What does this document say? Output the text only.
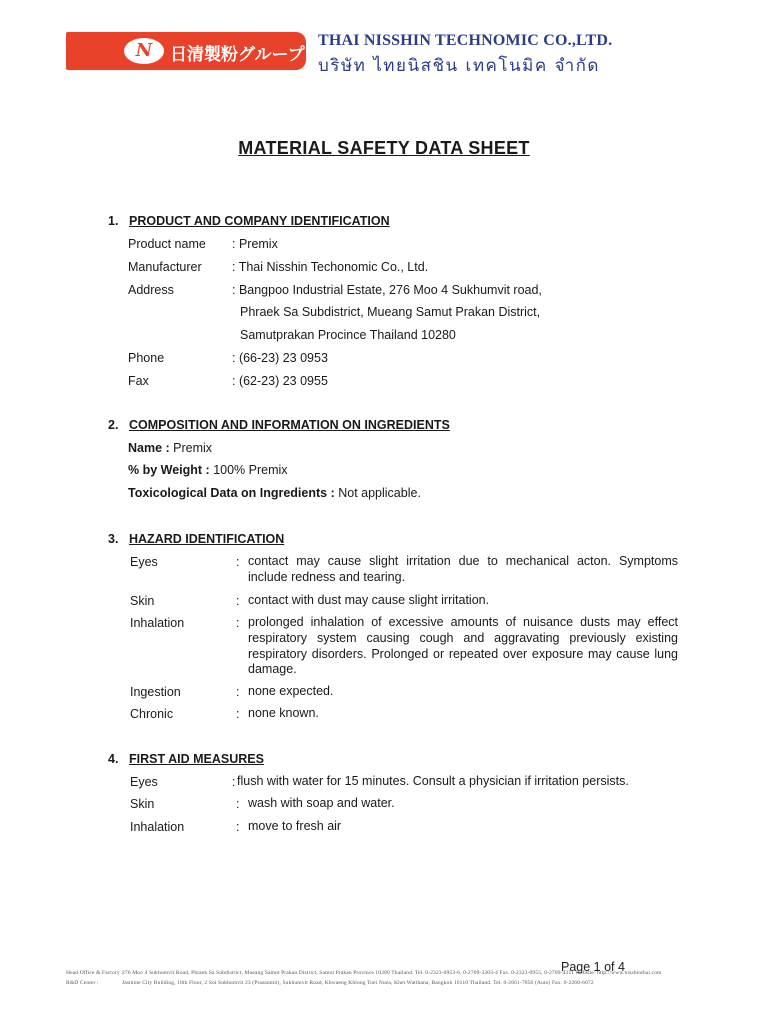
N 日清製粉グループ
THAI NISSHIN TECHNOMIC CO.,LTD.
บริษัท ไทยนิสชิน เทคโนมิค จำกัด
MATERIAL SAFETY DATA SHEET
1. PRODUCT AND COMPANY IDENTIFICATION
Product name : Premix
Manufacturer : Thai Nisshin Techonomic Co., Ltd.
Address	: Bangpoo Industrial Estate, 276 Moo 4 Sukhumvit road,
Phraek Sa Subdistrict, Mueang Samut Prakan District,
Samutprakan Procince Thailand 10280
Phone	: (66-23) 23 0953
Fax	: (62-23) 23 0955
2. COMPOSITION AND INFORMATION ON INGREDIENTS
Name : Premix
% by Weight : 100% Premix
Toxicological Data on Ingredients : Not applicable.
3. HAZARD IDENTIFICATION
Eyes	: contact may cause slight irritation due to mechanical acton. Symptoms include redness and tearing.
Skin	: contact with dust may cause slight irritation.
Inhalation	: prolonged inhalation of excessive amounts of nuisance dusts may effect respiratory system causing cough and aggravating previously existing respiratory disorders. Prolonged or repeated over exposure may cause lung damage.
Ingestion	: none expected.
Chronic	: none known.
4. FIRST AID MEASURES
Eyes	: flush with water for 15 minutes. Consult a physician if irritation persists.
Skin	: wash with soap and water.
Inhalation	: move to fresh air
Page 1 of 4
Head Office & Factory :276 Moo 4 Sukhumvit Road, Phraek Sa Subdistrict, Mueang Samut Prakan District, Samut Prakan Province 10280 Thailand. Tel. 0-2323-0953-6, 0-2709-3303-4 Fax. 0-2323-0955, 0-2709-4311 Website: http://www.nisshinthai.com
R&D Center :	Jasmine City Building, 18th Floor, 2 Soi Sukhumvit 23 (Prasanmit), Sukhumvit Road, Khwaeng Khlong Toei Nuea, Khet Watthana, Bangkok 10110 Thailand. Tel. 0-2661-7850 (Auto) Fax. 0-2260-6072
